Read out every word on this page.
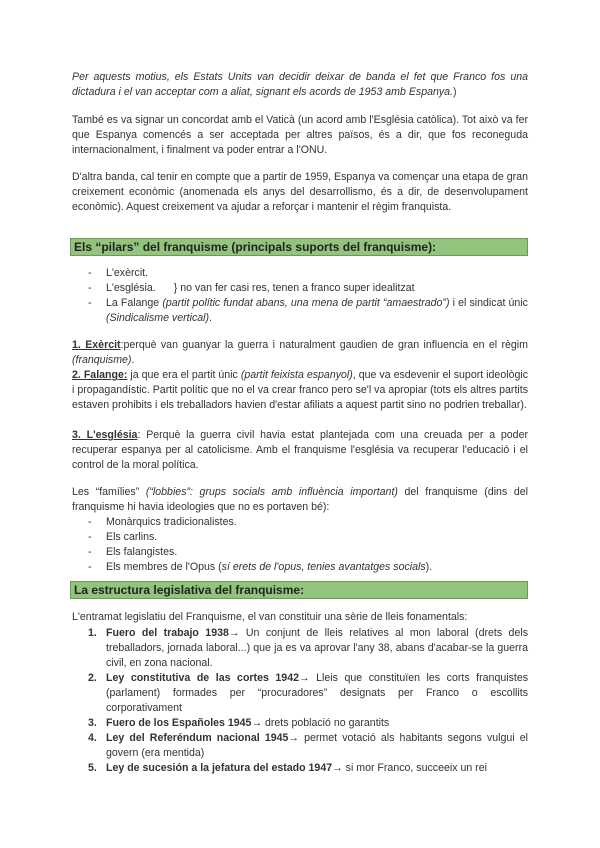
Per aquests motius, els Estats Units van decidir deixar de banda el fet que Franco fos una dictadura i el van acceptar com a aliat, signant els acords de 1953 amb Espanya.)

També es va signar un concordat amb el Vaticà (un acord amb l'Església catòlica). Tot això va fer que Espanya comencés a ser acceptada per altres països, és a dir, que fos reconeguda internacionalment, i finalment va poder entrar a l'ONU.

D'altra banda, cal tenir en compte que a partir de 1959, Espanya va començar una etapa de gran creixement econòmic (anomenada els anys del desarrollismo, és a dir, de desenvolupament econòmic). Aquest creixement va ajudar a reforçar i mantenir el règim franquista.

Els “pilars” del franquisme (principals suports del franquisme):
- L'exèrcit.
- L'església. } no van fer casi res, tenen a franco super idealitzat
- La Falange (partit polític fundat abans, una mena de partit “amaestrado”) i el sindicat únic (Sindicalisme vertical).

1. Exèrcit:perquè van guanyar la guerra i naturalment gaudien de gran influencia en el règim (franquisme).

2. Falange: ja que era el partit únic (partit feixista espanyol), que va esdevenir el suport ideològic i propagandístic. Partit polític que no el va crear franco pero se'l va apropiar (tots els altres partits estaven prohibits i els treballadors havien d'estar afiliats a aquest partit sino no podrien treballar).

3. L'església: Perquè la guerra civil havia estat plantejada com una creuada per a poder recuperar espanya per al catolicisme. Amb el franquisme l'església va recuperar l'educació i el control de la moral política.

Les “famílies” (“lobbies”: grups socials amb influència important) del franquisme (dins del franquisme hi havia ideologies que no es portaven bé):

- Monàrquics tradicionalistes.
- Els carlins.
- Els falangistes.
- Els membres de l'Opus (sí erets de l'opus, tenies avantatges socials).
La estructura legislativa del franquisme:

L'entramat legislatiu del Franquisme, el van constituir una sèrie de lleis fonamentals:

1. Fuero del trabajo 1938→ Un conjunt de lleis relatives al mon laboral (drets dels treballadors, jornada laboral...) que ja es va aprovar l'any 38, abans d'acabar-se la guerra civil, en zona nacional.
2. Ley constitutiva de las cortes 1942→ Lleis que constituïen les corts franquistes (parlament) formades per “procuradores” designats per Franco o escollits corporativament
3. Fuero de los Españoles 1945→ drets població no garantits
4. Ley del Referéndum nacional 1945→ permet votació als habitants segons vulgui el govern (era mentida)
5. Ley de sucesión a la jefatura del estado 1947→ si mor Franco, succeeix un rei
